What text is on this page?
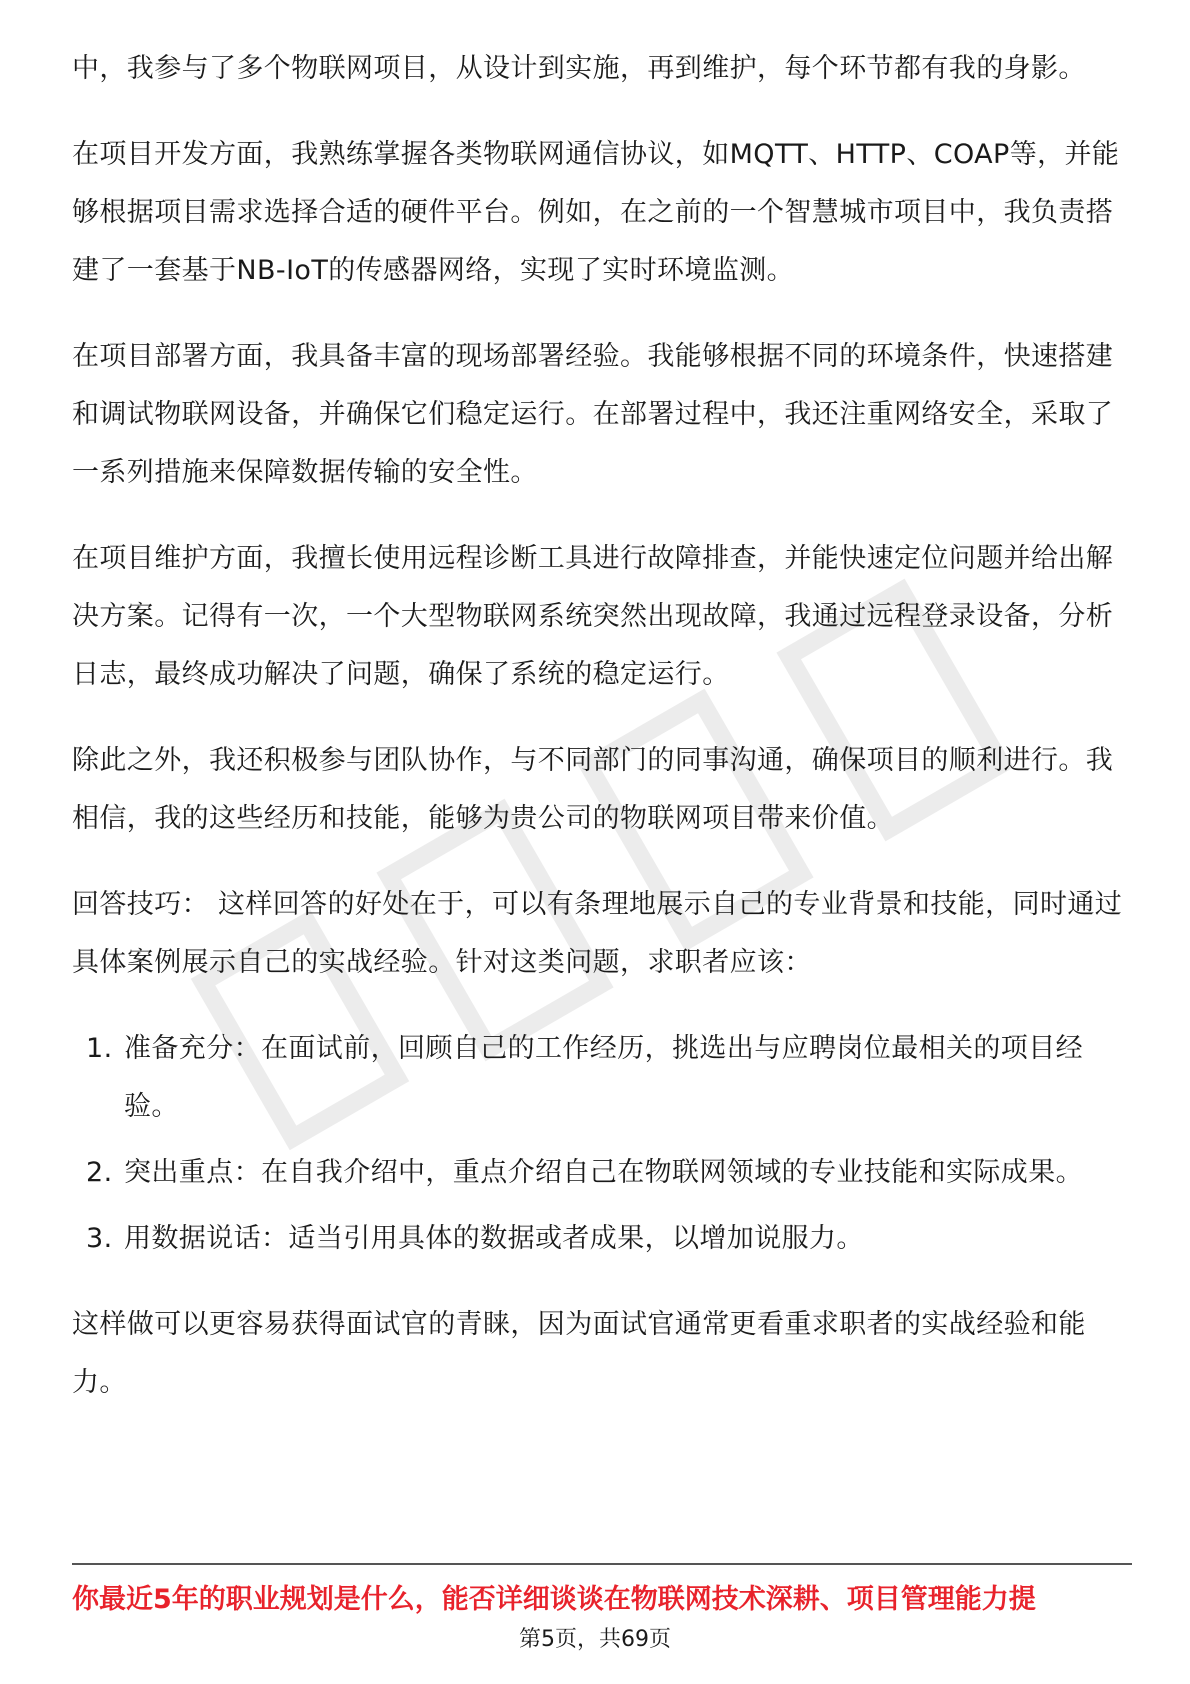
中，我参与了多个物联网项目，从设计到实施，再到维护，每个环节都有我的身影。

在项目开发方面，我熟练掌握各类物联网通信协议，如MQTT、HTTP、COAP等，并能够根据项目需求选择合适的硬件平台。例如，在之前的一个智慧城市项目中，我负责搭建了一套基于NB-IoT的传感器网络，实现了实时环境监测。

在项目部署方面，我具备丰富的现场部署经验。我能够根据不同的环境条件，快速搭建和调试物联网设备，并确保它们稳定运行。在部署过程中，我还注重网络安全，采取了一系列措施来保障数据传输的安全性。

在项目维护方面，我擅长使用远程诊断工具进行故障排查，并能快速定位问题并给出解决方案。记得有一次，一个大型物联网系统突然出现故障，我通过远程登录设备，分析日志，最终成功解决了问题，确保了系统的稳定运行。

除此之外，我还积极参与团队协作，与不同部门的同事沟通，确保项目的顺利进行。我相信，我的这些经历和技能，能够为贵公司的物联网项目带来价值。

回答技巧： 这样回答的好处在于，可以有条理地展示自己的专业背景和技能，同时通过具体案例展示自己的实战经验。针对这类问题，求职者应该：

1. 准备充分：在面试前，回顾自己的工作经历，挑选出与应聘岗位最相关的项目经验。
2. 突出重点：在自我介绍中，重点介绍自己在物联网领域的专业技能和实际成果。
3. 用数据说话：适当引用具体的数据或者成果，以增加说服力。

这样做可以更容易获得面试官的青睐，因为面试官通常更看重求职者的实战经验和能力。

你最近5年的职业规划是什么，能否详细谈谈在物联网技术深耕、项目管理能力提
第5页，共69页
